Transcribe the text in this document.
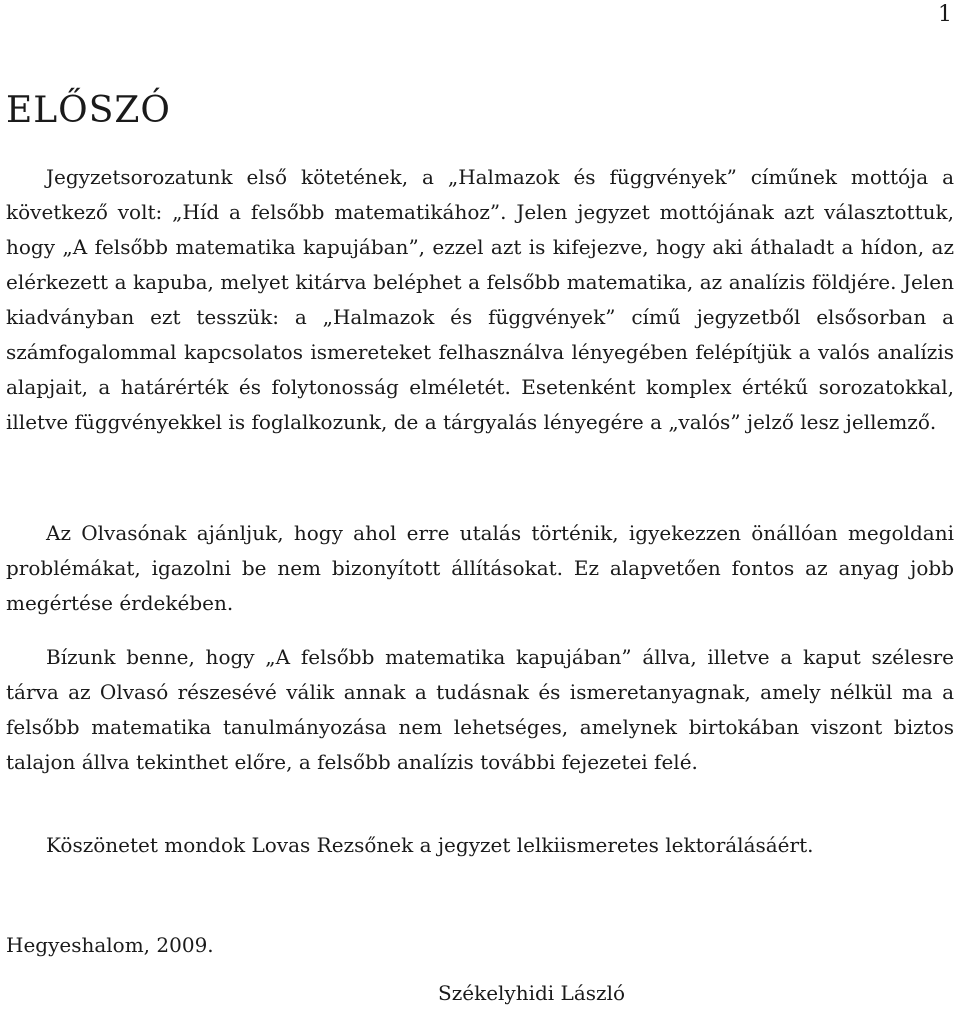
1
ELŐSZÓ

Jegyzetsorozatunk első kötetének, a „Halmazok és függvények” címűnek mottója a következő volt: „Híd a felsőbb matematikához”. Jelen jegyzet mottójának azt választottuk, hogy „A felsőbb matematika kapujában”, ezzel azt is kifejezve, hogy aki áthaladt a hídon, az elérkezett a kapuba, melyet kitárva beléphet a felsőbb matematika, az analízis földjére. Jelen kiadványban ezt tesszük: a „Halmazok és függvények” című jegyzetből elsősorban a számfogalommal kapcsolatos ismereteket felhasználva lényegében felépítjük a valós analízis alapjait, a határérték és folytonosság elméletét. Esetenként komplex értékű sorozatokkal, illetve függvényekkel is foglalkozunk, de a tárgyalás lényegére a „valós” jelző lesz jellemző.

Az Olvasónak ajánljuk, hogy ahol erre utalás történik, igyekezzen önállóan megoldani problémákat, igazolni be nem bizonyított állításokat. Ez alapvetően fontos az anyag jobb megértése érdekében.

Bízunk benne, hogy „A felsőbb matematika kapujában” állva, illetve a kaput szélesre tárva az Olvasó részesévé válik annak a tudásnak és ismeretanyagnak, amely nélkül ma a felsőbb matematika tanulmányozása nem lehetséges, amelynek birtokában viszont biztos talajon állva tekinthet előre, a felsőbb analízis további fejezetei felé.

Köszönetet mondok Lovas Rezsőnek a jegyzet lelkiismeretes lektorálásáért.

Hegyeshalom, 2009.
Székelyhidi László
